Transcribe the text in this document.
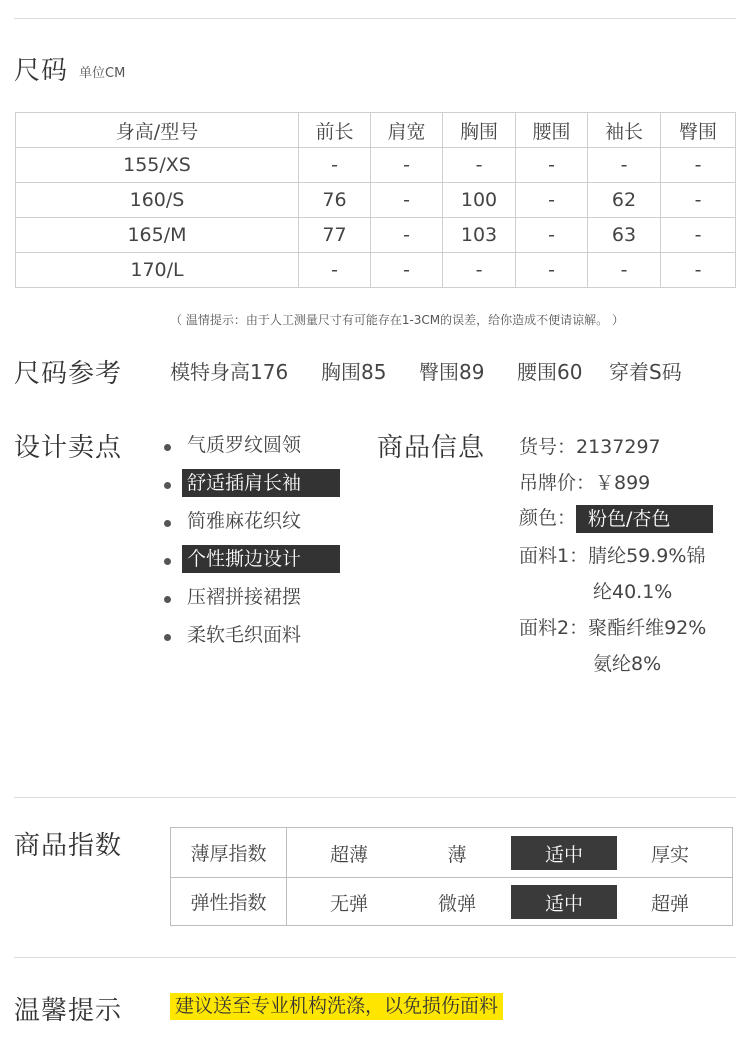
尺码 单位CM
身高/型号	前长	肩宽	胸围	腰围	袖长	臀围
155/XS	-	-	-	-	-	-
160/S	76	-	100	-	62	-
165/M	77	-	103	-	63	-
170/L	-	-	-	-	-	-
（ 温情提示：由于人工测量尺寸有可能存在1-3CM的误差，给你造成不便请谅解。 ）
尺码参考 模特身高176 胸围85 臀围89 腰围60 穿着S码
设计卖点	气质罗纹圆领
舒适插肩长袖
简雅麻花织纹
个性撕边设计
压褶拼接裙摆
柔软毛织面料
商品信息 货号：2137297
吊牌价：￥899
颜色： 粉色/杏色
面料1：腈纶59.9%锦
纶40.1%
面料2：聚酯纤维92%
氨纶8%
商品指数	薄厚指数	超薄	薄	适中	厚实
弹性指数	无弹	微弹	适中	超弹
温馨提示	建议送至专业机构洗涤，以免损伤面料
